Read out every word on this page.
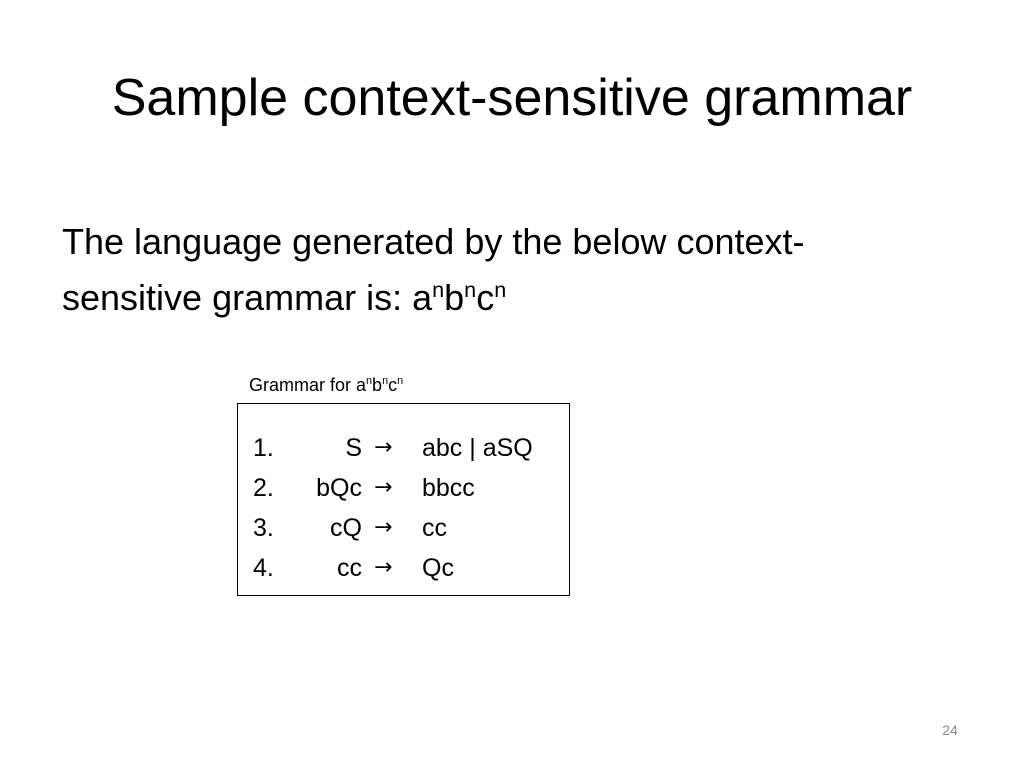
Sample context-sensitive grammar
The language generated by the below context-
sensitive grammar is: $a^nb^nc^n$
Grammar for $a^nb^nc^n$
1.	S →	abc | aSQ
2.	bQc →	bbcc
3.	cQ →	cc
4.	cc →	Qc
24
